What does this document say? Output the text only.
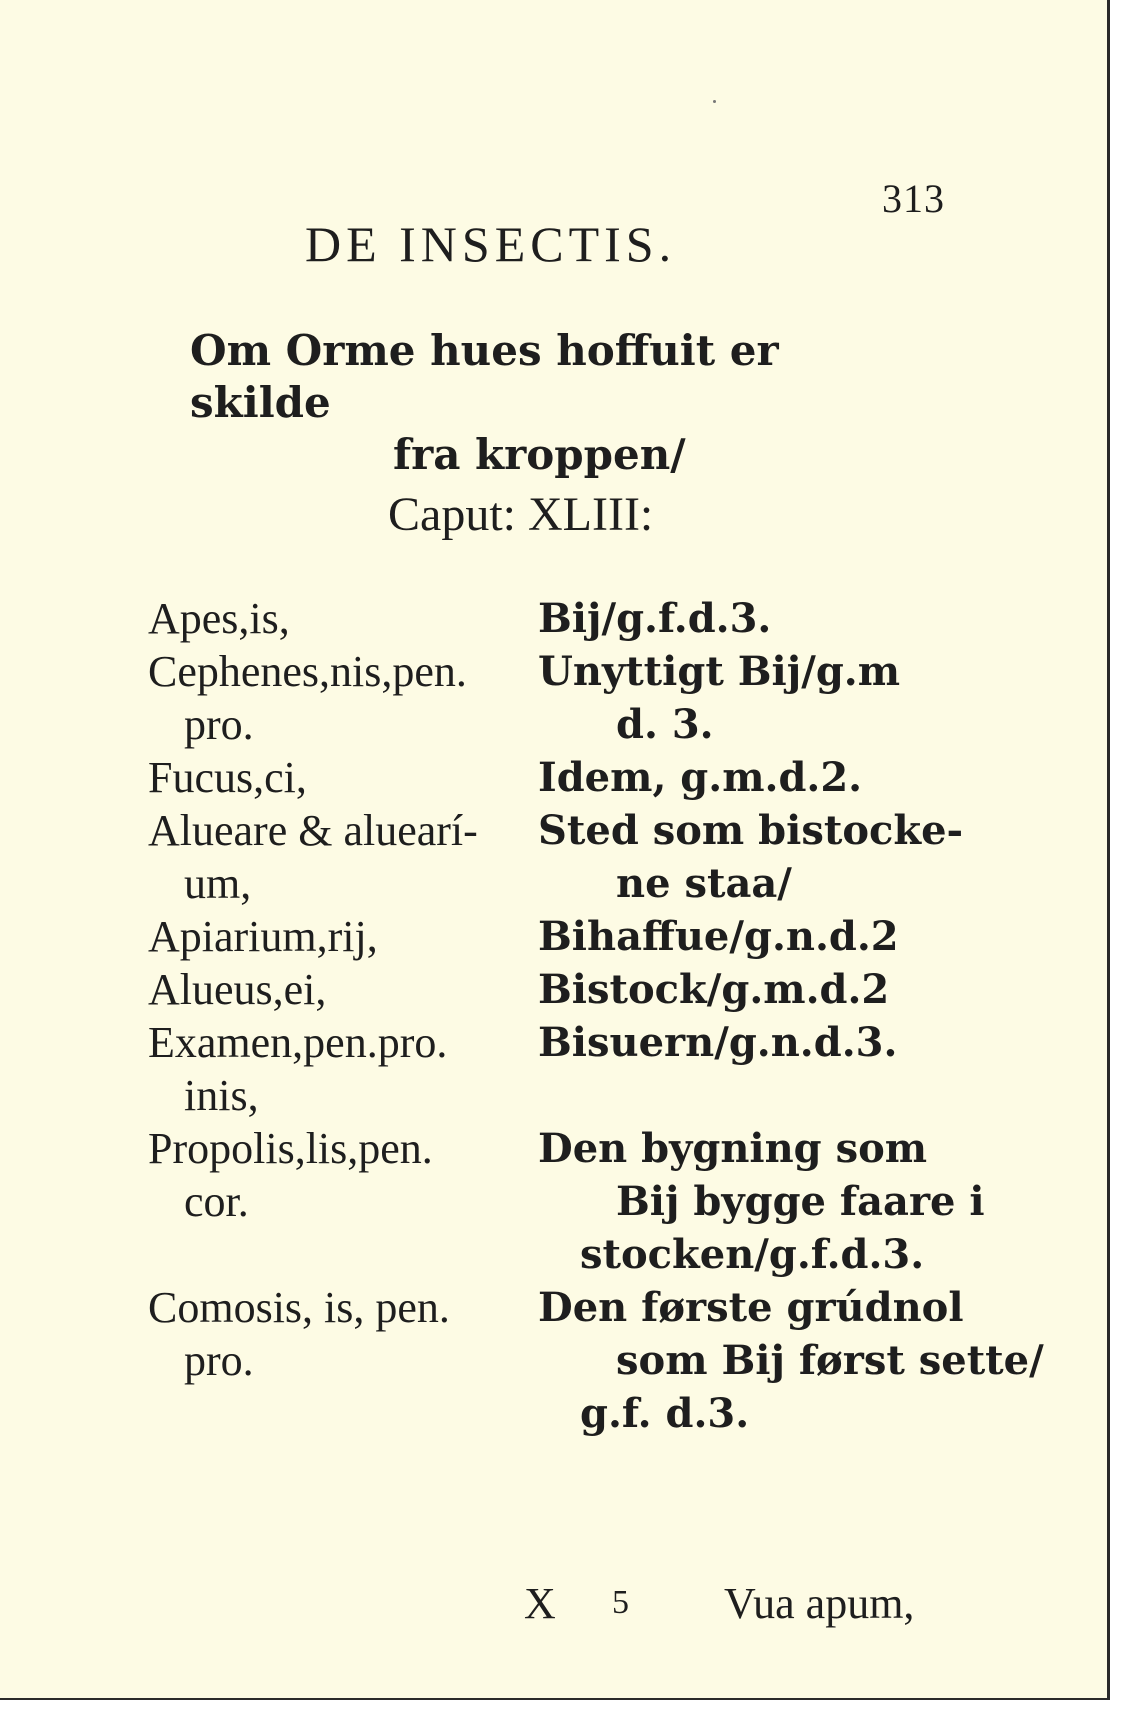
313
DE INSECTIS.
Om Orme hues hoffuit er skilde
fra kroppen/
Caput: XLIII:
Apes,is,	Bij/g.f.d.3.
Cephenes,nis,pen.	Unyttigt Bij/g.m
pro.	d. 3.
Fucus,ci,	Idem, g.m.d.2.
Alueare & aluearí-	Sted som bistocke-
um,	ne staa/
Apiarium,rij,	Bihaffue/g.n.d.2
Alueus,ei,	Bistock/g.m.d.2
Examen,pen.pro.	Bisuern/g.n.d.3.
inis,
Propolis,lis,pen.	Den bygning som
cor.	Bij bygge faare i
stocken/g.f.d.3.
Comosis, is, pen.	Den første grúdnol
pro.	som Bij først sette/
g.f. d.3.
X 5 Vua apum,
